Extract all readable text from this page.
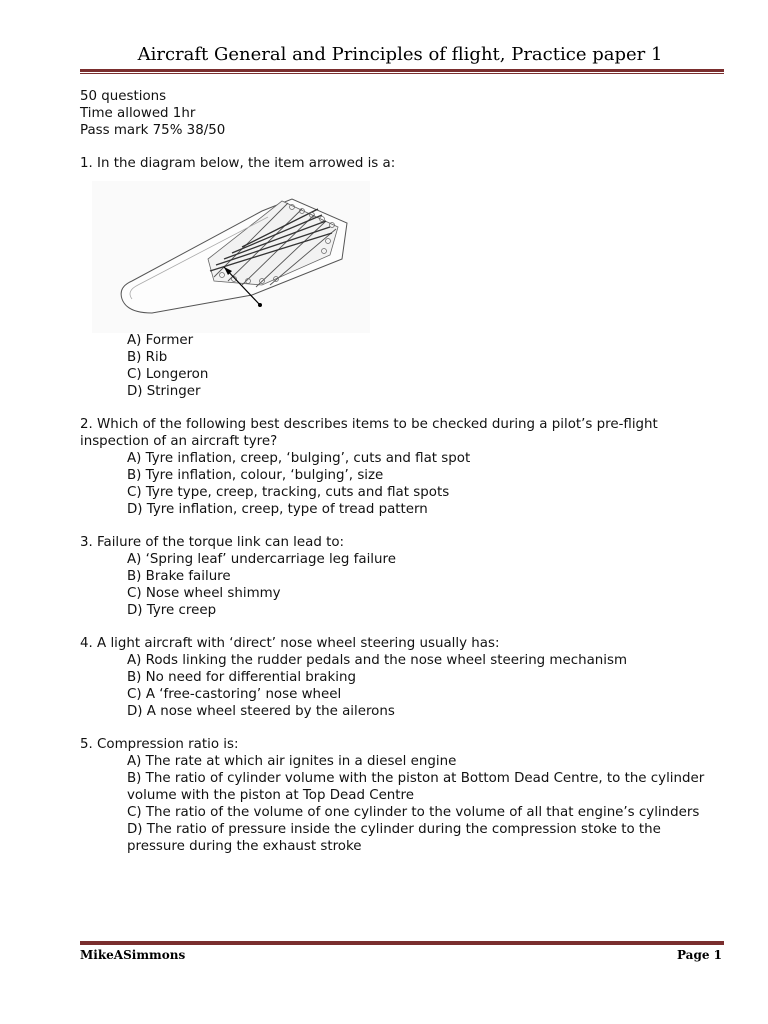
Aircraft General and Principles of flight, Practice paper 1

50 questions

Time allowed 1hr

Pass mark 75% 38/50

1. In the diagram below, the item arrowed is a:

A) Former

B) Rib

C) Longeron

D) Stringer

2. Which of the following best describes items to be checked during a pilot’s pre-flight

inspection of an aircraft tyre?

A) Tyre inflation, creep, ‘bulging’, cuts and flat spot

B) Tyre inflation, colour, ‘bulging’, size

C) Tyre type, creep, tracking, cuts and flat spots

D) Tyre inflation, creep, type of tread pattern

3. Failure of the torque link can lead to:

A) ‘Spring leaf’ undercarriage leg failure

B) Brake failure

C) Nose wheel shimmy

D) Tyre creep

4. A light aircraft with ‘direct’ nose wheel steering usually has:

A) Rods linking the rudder pedals and the nose wheel steering mechanism

B) No need for differential braking

C) A ‘free-castoring’ nose wheel

D) A nose wheel steered by the ailerons

5. Compression ratio is:

A) The rate at which air ignites in a diesel engine

B) The ratio of cylinder volume with the piston at Bottom Dead Centre, to the cylinder volume with the piston at Top Dead Centre

C) The ratio of the volume of one cylinder to the volume of all that engine’s cylinders

D) The ratio of pressure inside the cylinder during the compression stoke to the pressure during the exhaust stroke

MikeASimmons	Page 1
